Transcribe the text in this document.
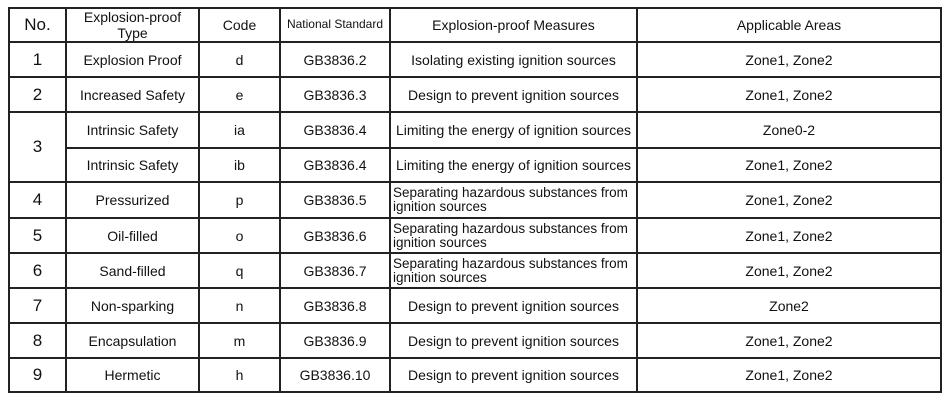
No.	Explosion-proof Type	Code	National Standard	Explosion-proof Measures	Applicable Areas
1	Explosion Proof	d	GB3836.2	Isolating existing ignition sources	Zone1, Zone2
2	Increased Safety	e	GB3836.3	Design to prevent ignition sources	Zone1, Zone2
3	Intrinsic Safety	ia	GB3836.4	Limiting the energy of ignition sources	Zone0-2
	Intrinsic Safety	ib	GB3836.4	Limiting the energy of ignition sources	Zone1, Zone2
4	Pressurized	p	GB3836.5	Separating hazardous substances from ignition sources	Zone1, Zone2
5	Oil-filled	o	GB3836.6	Separating hazardous substances from ignition sources	Zone1, Zone2
6	Sand-filled	q	GB3836.7	Separating hazardous substances from ignition sources	Zone1, Zone2
7	Non-sparking	n	GB3836.8	Design to prevent ignition sources	Zone2
8	Encapsulation	m	GB3836.9	Design to prevent ignition sources	Zone1, Zone2
9	Hermetic	h	GB3836.10	Design to prevent ignition sources	Zone1, Zone2
